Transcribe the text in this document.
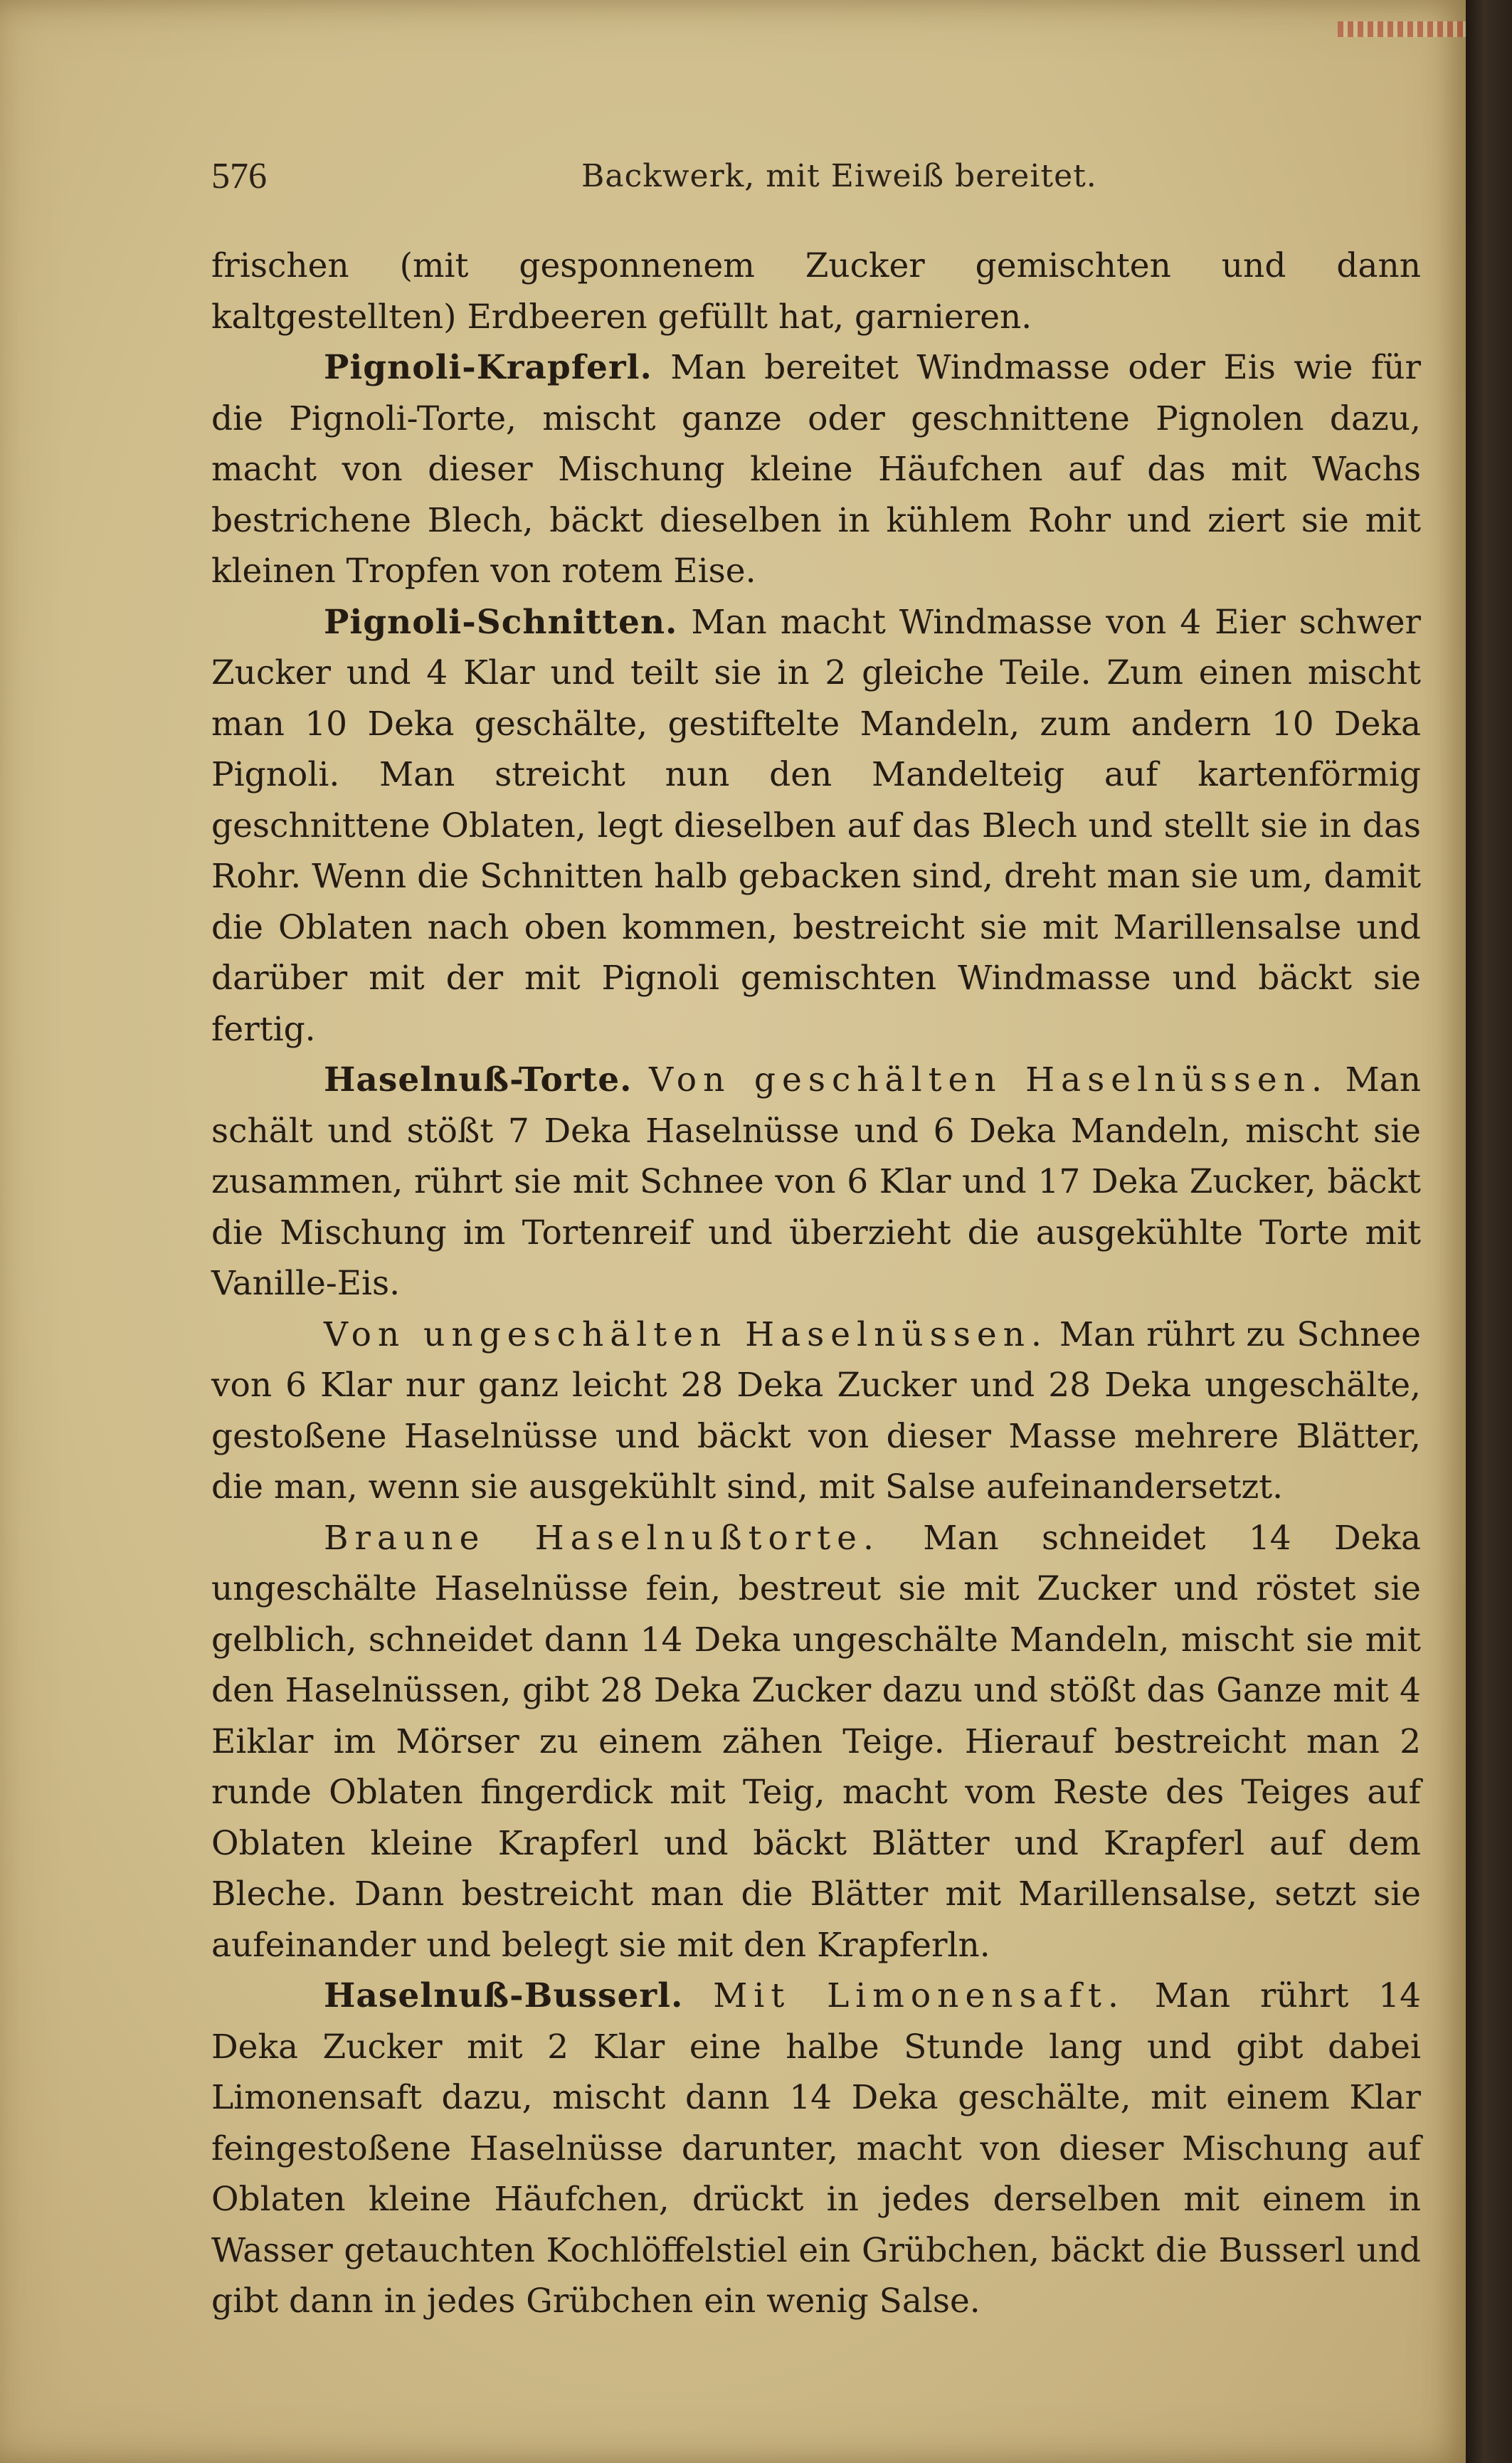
576	Backwerk, mit Eiweiß bereitet.

frischen (mit gesponnenem Zucker gemischten und dann kaltgestellten) Erdbeeren gefüllt hat, garnieren.

Pignoli-Krapferl. Man bereitet Windmasse oder Eis wie für die Pignoli-Torte, mischt ganze oder geschnittene Pignolen dazu, macht von dieser Mischung kleine Häufchen auf das mit Wachs bestrichene Blech, bäckt dieselben in kühlem Rohr und ziert sie mit kleinen Tropfen von rotem Eise.

Pignoli-Schnitten. Man macht Windmasse von 4 Eier schwer Zucker und 4 Klar und teilt sie in 2 gleiche Teile. Zum einen mischt man 10 Deka geschälte, gestiftelte Mandeln, zum andern 10 Deka Pignoli. Man streicht nun den Mandelteig auf kartenförmig geschnittene Oblaten, legt dieselben auf das Blech und stellt sie in das Rohr. Wenn die Schnitten halb gebacken sind, dreht man sie um, damit die Oblaten nach oben kommen, bestreicht sie mit Marillensalse und darüber mit der mit Pignoli gemischten Windmasse und bäckt sie fertig.

Haselnuß-Torte. Von geschälten Haselnüssen. Man schält und stößt 7 Deka Haselnüsse und 6 Deka Mandeln, mischt sie zusammen, rührt sie mit Schnee von 6 Klar und 17 Deka Zucker, bäckt die Mischung im Tortenreif und überzieht die ausgekühlte Torte mit Vanille-Eis.

Von ungeschälten Haselnüssen. Man rührt zu Schnee von 6 Klar nur ganz leicht 28 Deka Zucker und 28 Deka ungeschälte, gestoßene Haselnüsse und bäckt von dieser Masse mehrere Blätter, die man, wenn sie ausgekühlt sind, mit Salse aufeinandersetzt.

Braune Haselnußtorte. Man schneidet 14 Deka ungeschälte Haselnüsse fein, bestreut sie mit Zucker und röstet sie gelblich, schneidet dann 14 Deka ungeschälte Mandeln, mischt sie mit den Haselnüssen, gibt 28 Deka Zucker dazu und stößt das Ganze mit 4 Eiklar im Mörser zu einem zähen Teige. Hierauf bestreicht man 2 runde Oblaten fingerdick mit Teig, macht vom Reste des Teiges auf Oblaten kleine Krapferl und bäckt Blätter und Krapferl auf dem Bleche. Dann bestreicht man die Blätter mit Marillensalse, setzt sie aufeinander und belegt sie mit den Krapferln.

Haselnuß-Busserl. Mit Limonensaft. Man rührt 14 Deka Zucker mit 2 Klar eine halbe Stunde lang und gibt dabei Limonensaft dazu, mischt dann 14 Deka geschälte, mit einem Klar feingestoßene Haselnüsse darunter, macht von dieser Mischung auf Oblaten kleine Häufchen, drückt in jedes derselben mit einem in Wasser getauchten Kochlöffelstiel ein Grübchen, bäckt die Busserl und gibt dann in jedes Grübchen ein wenig Salse.
